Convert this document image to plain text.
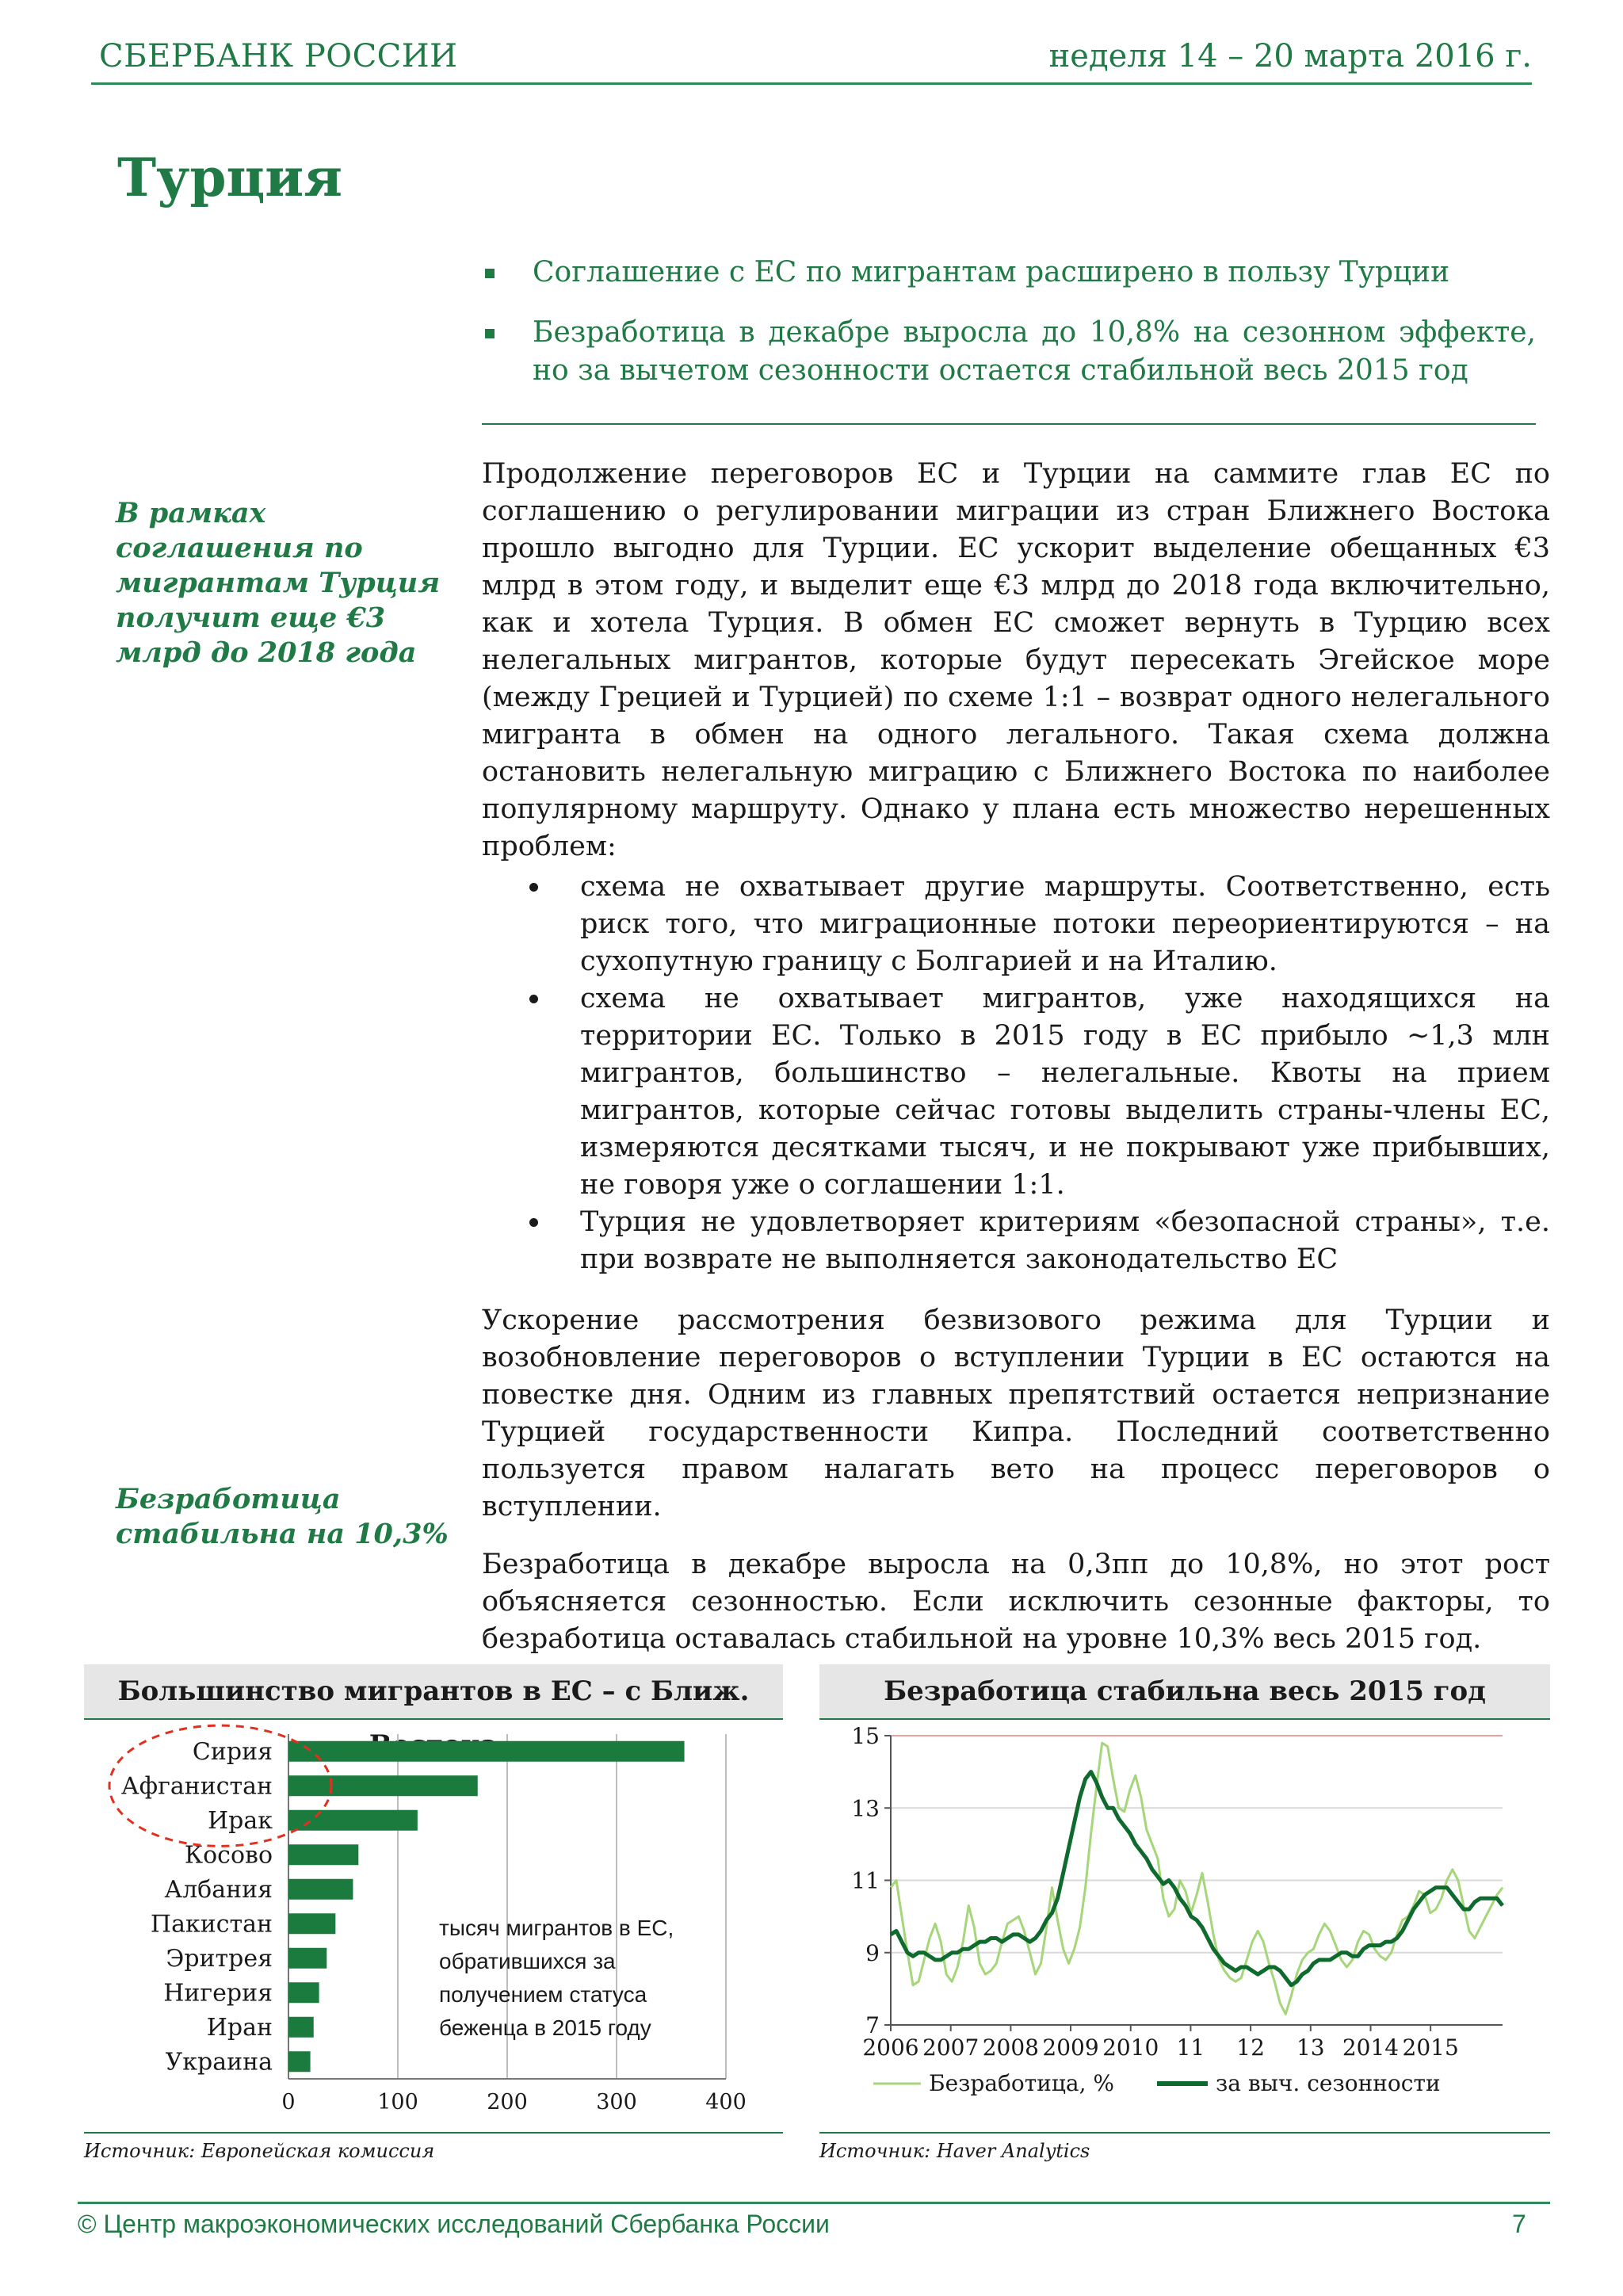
СБЕРБАНК РОССИИ	неделя 14 – 20 марта 2016 г.
Турция
Соглашение с ЕС по мигрантам расширено в пользу Турции
Безработица в декабре выросла до 10,8% на сезонном эффекте, но за вычетом сезонности остается стабильной весь 2015 год
В рамках соглашения по мигрантам Турция получит еще €3 млрд до 2018 года
Безработица стабильна на 10,3%

Продолжение переговоров ЕС и Турции на саммите глав ЕС по соглашению о регулировании миграции из стран Ближнего Востока прошло выгодно для Турции. ЕС ускорит выделение обещанных €3 млрд в этом году, и выделит еще €3 млрд до 2018 года включительно, как и хотела Турция. В обмен ЕС сможет вернуть в Турцию всех нелегальных мигрантов, которые будут пересекать Эгейское море (между Грецией и Турцией) по схеме 1:1 – возврат одного нелегального мигранта в обмен на одного легального. Такая схема должна остановить нелегальную миграцию с Ближнего Востока по наиболее популярному маршруту. Однако у плана есть множество нерешенных проблем:

схема не охватывает другие маршруты. Соответственно, есть риск того, что миграционные потоки переориентируются – на сухопутную границу с Болгарией и на Италию.
схема не охватывает мигрантов, уже находящихся на территории ЕС. Только в 2015 году в ЕС прибыло ~1,3 млн мигрантов, большинство – нелегальные. Квоты на прием мигрантов, которые сейчас готовы выделить страны-члены ЕС, измеряются десятками тысяч, и не покрывают уже прибывших, не говоря уже о соглашении 1:1.
Турция не удовлетворяет критериям «безопасной страны», т.е. при возврате не выполняется законодательство ЕС

Ускорение рассмотрения безвизового режима для Турции и возобновление переговоров о вступлении Турции в ЕС остаются на повестке дня. Одним из главных препятствий остается непризнание Турцией государственности Кипра. Последний соответственно пользуется правом налагать вето на процесс переговоров о вступлении.

Безработица в декабре выросла на 0,3пп до 10,8%, но этот рост объясняется сезонностью. Если исключить сезонные факторы, то безработица оставалась стабильной на уровне 10,3% весь 2015 год.

Большинство мигрантов в ЕС – с Ближ.
0	100	200	300	400
Сирия
Афганистан
Ирак
Косово
Албания
Пакистан
Эритрея
Нигерия
Иран
Украина
тысяч мигрантов в ЕС,
обратившихся за
получением статуса
беженца в 2015 году
Источник: Европейская комиссия
Безработица стабильна весь 2015 год
15
13
11
9
7
2006 2007 2008 2009 2010 11 12 13 2014 2015
Безработица, %	за выч. сезонности
Источник: Haver Analytics
© Центр макроэкономических исследований Сбербанка России	7
